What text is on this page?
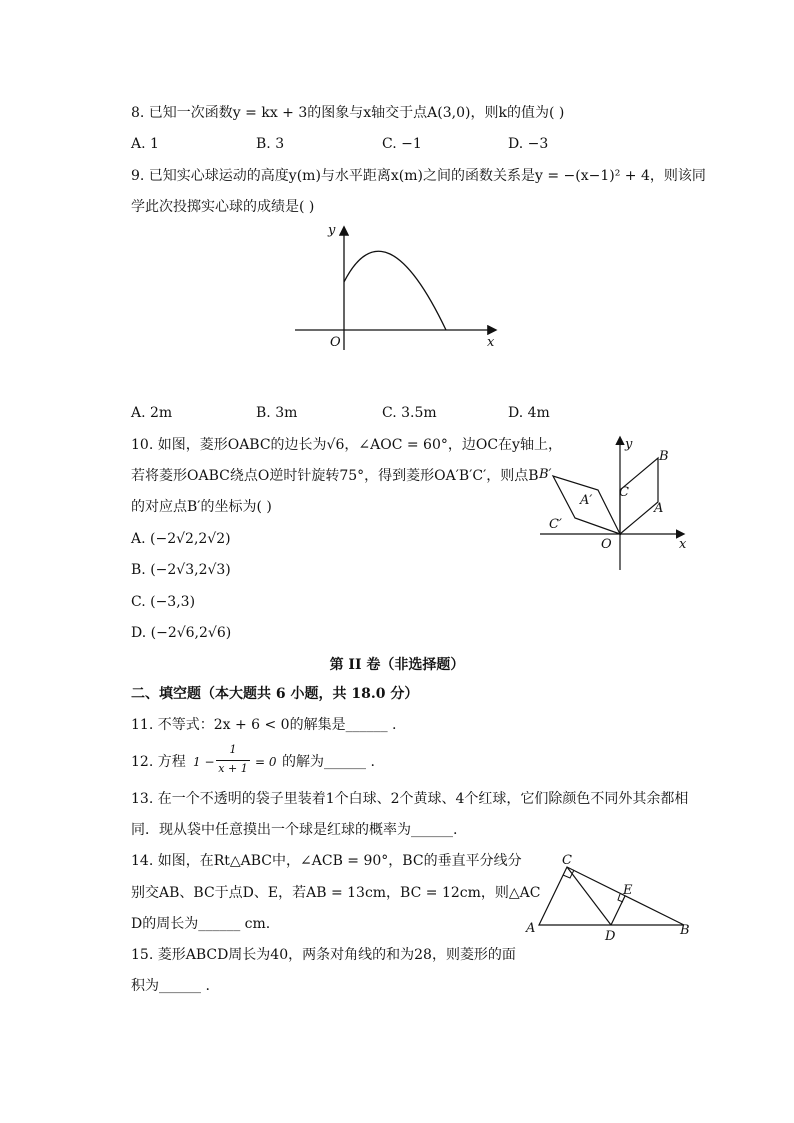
8. 已知一次函数y = kx + 3的图象与x轴交于点A(3,0)，则k的值为( )
A. 1	B. 3	C. −1	D. −3
9. 已知实心球运动的高度y(m)与水平距离x(m)之间的函数关系是y = −(x−1)² + 4，则该同
学此次投掷实心球的成绩是( )
y
x
O
A. 2m	B. 3m	C. 3.5m	D. 4m
10. 如图，菱形OABC的边长为√6，∠AOC = 60°，边OC在y轴上，
若将菱形OABC绕点O逆时针旋转75°，得到菱形OA′B′C′，则点B
的对应点B′的坐标为( )
A. (−2√2,2√2)
B. (−2√3,2√3)
C. (−3,3)
D. (−2√6,2√6)
y
x
O
A
B
C
A′
B′
C′
第 II 卷（非选择题）
二、填空题（本大题共 6 小题，共 18.0 分）
11. 不等式：2x + 6 < 0的解集是______ .
12. 方程 1 −
1
x + 1 = 0 的解为______ .
13. 在一个不透明的袋子里装着1个白球、2个黄球、4个红球，它们除颜色不同外其余都相
同．现从袋中任意摸出一个球是红球的概率为______.
14. 如图，在Rt△ABC中，∠ACB = 90°，BC的垂直平分线分
别交AB、BC于点D、E，若AB = 13cm，BC = 12cm，则△AC
D的周长为______ cm.	A	B
C
D
E
15. 菱形ABCD周长为40，两条对角线的和为28，则菱形的面
积为______ .
